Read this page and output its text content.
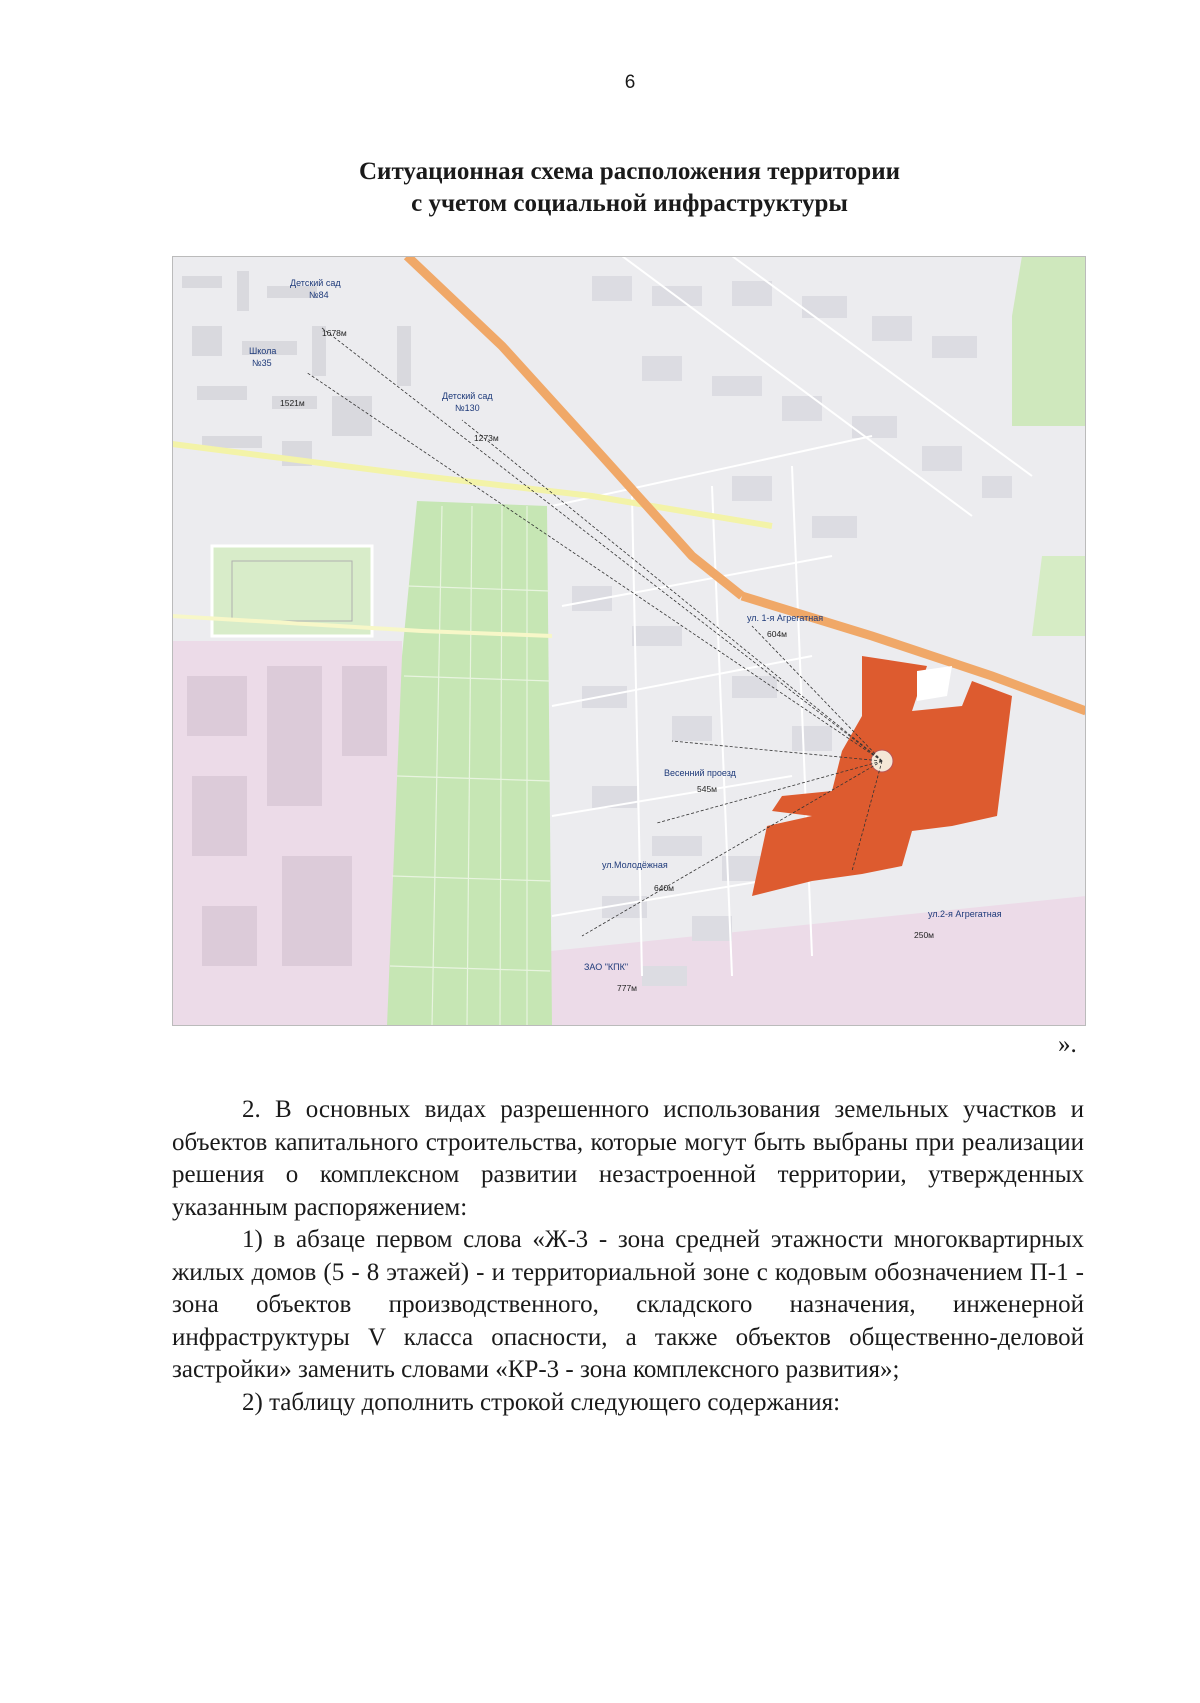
6
Ситуационная схема расположения территории
с учетом социальной инфраструктуры
Детский сад
№84
1678м
Школа
№35
1521м
Детский сад
№130
1273м
ул. 1-я Агрегатная
604м
Весенний проезд
545м
ул.Молодёжная
640м
ул.2-я Агрегатная
250м
ЗАО "КПК"
777м
».

2. В основных видах разрешенного использования земельных участков и объектов капитального строительства, которые могут быть выбраны при реализации решения о комплексном развитии незастроенной территории, утвержденных указанным распоряжением:

1) в абзаце первом слова «Ж-3 - зона средней этажности многоквартирных жилых домов (5 - 8 этажей) - и территориальной зоне с кодовым обозначением П-1 - зона объектов производственного, складского назначения, инженерной инфраструктуры V класса опасности, а также объектов общественно-деловой застройки» заменить словами «КР-3 - зона комплексного развития»;

2) таблицу дополнить строкой следующего содержания:
